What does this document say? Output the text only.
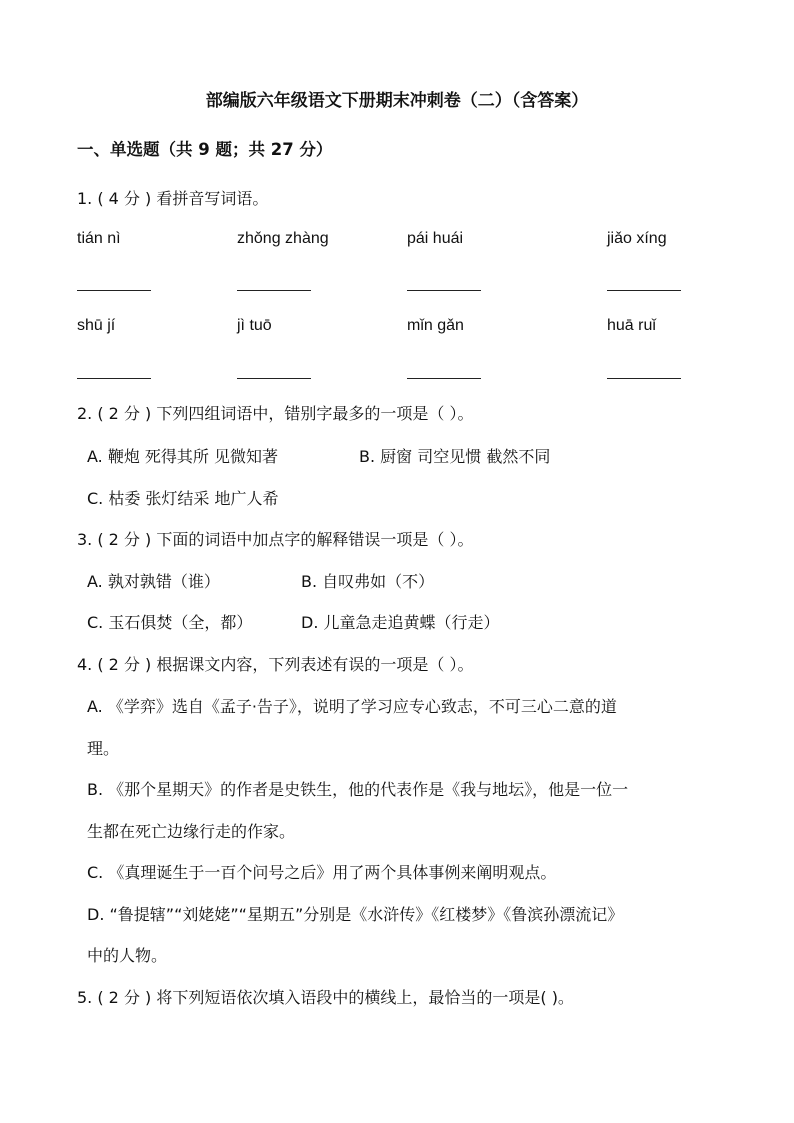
部编版六年级语文下册期末冲刺卷（二）（含答案）
一、单选题（共 9 题；共 27 分）
1. ( 4 分 ) 看拼音写词语。
tián nì	zhǒng zhàng	pái huái	jiǎo xíng
shū jí	jì tuō	mǐn gǎn	huā ruǐ
2. ( 2 分 ) 下列四组词语中，错别字最多的一项是（ ）。
A. 鞭炮 死得其所 见微知著	B. 厨窗 司空见惯 截然不同
C. 枯委 张灯结采 地广人希
3. ( 2 分 ) 下面的词语中加点字的解释错误一项是（ ）。
A. 孰对孰错（谁）	B. 自叹弗如（不）
C. 玉石俱焚（全，都）	D. 儿童急走追黄蝶（行走）
4. ( 2 分 ) 根据课文内容，下列表述有误的一项是（ ）。
A. 《学弈》选自《孟子·告子》，说明了学习应专心致志，不可三心二意的道
理。
B. 《那个星期天》的作者是史铁生，他的代表作是《我与地坛》，他是一位一
生都在死亡边缘行走的作家。
C. 《真理诞生于一百个问号之后》用了两个具体事例来阐明观点。
D. “鲁提辖”“刘姥姥”“星期五”分别是《水浒传》《红楼梦》《鲁滨孙漂流记》
中的人物。
5. ( 2 分 ) 将下列短语依次填入语段中的横线上，最恰当的一项是( )。
